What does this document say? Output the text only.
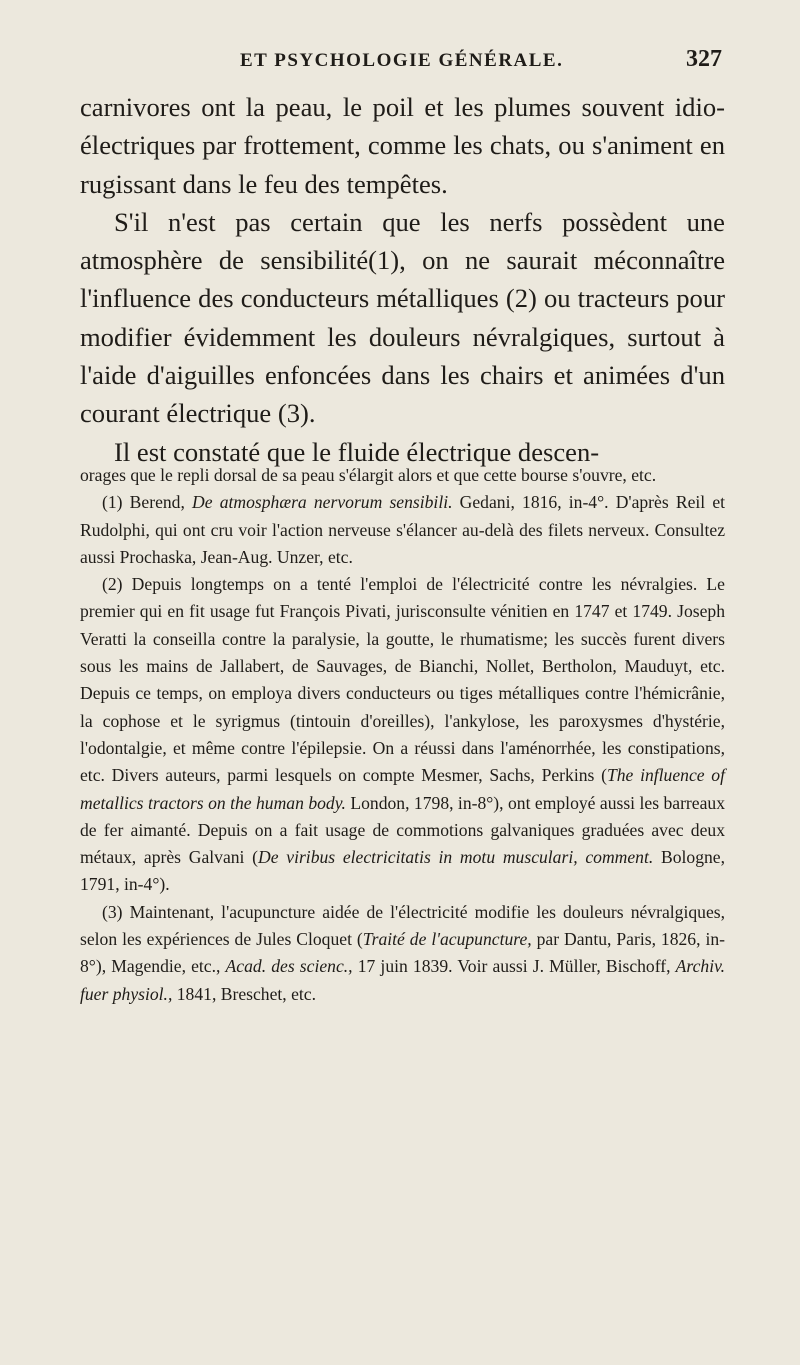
ET PSYCHOLOGIE GÉNÉRALE.	327

carnivores ont la peau, le poil et les plumes souvent idio-électriques par frottement, comme les chats, ou s'animent en rugissant dans le feu des tempêtes.

S'il n'est pas certain que les nerfs possèdent une atmosphère de sensibilité(1), on ne saurait méconnaître l'influence des conducteurs métalliques (2) ou tracteurs pour modifier évidemment les douleurs névralgiques, surtout à l'aide d'aiguilles enfoncées dans les chairs et animées d'un courant électrique (3).

Il est constaté que le fluide électrique descen-

orages que le repli dorsal de sa peau s'élargit alors et que cette bourse s'ouvre, etc.

(1) Berend, De atmosphæra nervorum sensibili. Gedani, 1816, in-4°. D'après Reil et Rudolphi, qui ont cru voir l'action nerveuse s'élancer au-delà des filets nerveux. Consultez aussi Prochaska, Jean-Aug. Unzer, etc.

(2) Depuis longtemps on a tenté l'emploi de l'électricité contre les névralgies. Le premier qui en fit usage fut François Pivati, jurisconsulte vénitien en 1747 et 1749. Joseph Veratti la conseilla contre la paralysie, la goutte, le rhumatisme; les succès furent divers sous les mains de Jallabert, de Sauvages, de Bianchi, Nollet, Bertholon, Mauduyt, etc. Depuis ce temps, on employa divers conducteurs ou tiges métalliques contre l'hémicrânie, la cophose et le syrigmus (tintouin d'oreilles), l'ankylose, les paroxysmes d'hystérie, l'odontalgie, et même contre l'épilepsie. On a réussi dans l'aménorrhée, les constipations, etc. Divers auteurs, parmi lesquels on compte Mesmer, Sachs, Perkins (The influence of metallics tractors on the human body. London, 1798, in-8°), ont employé aussi les barreaux de fer aimanté. Depuis on a fait usage de commotions galvaniques graduées avec deux métaux, après Galvani (De viribus electricitatis in motu musculari, comment. Bologne, 1791, in-4°).

(3) Maintenant, l'acupuncture aidée de l'électricité modifie les douleurs névralgiques, selon les expériences de Jules Cloquet (Traité de l'acupuncture, par Dantu, Paris, 1826, in-8°), Magendie, etc., Acad. des scienc., 17 juin 1839. Voir aussi J. Müller, Bischoff, Archiv. fuer physiol., 1841, Breschet, etc.
